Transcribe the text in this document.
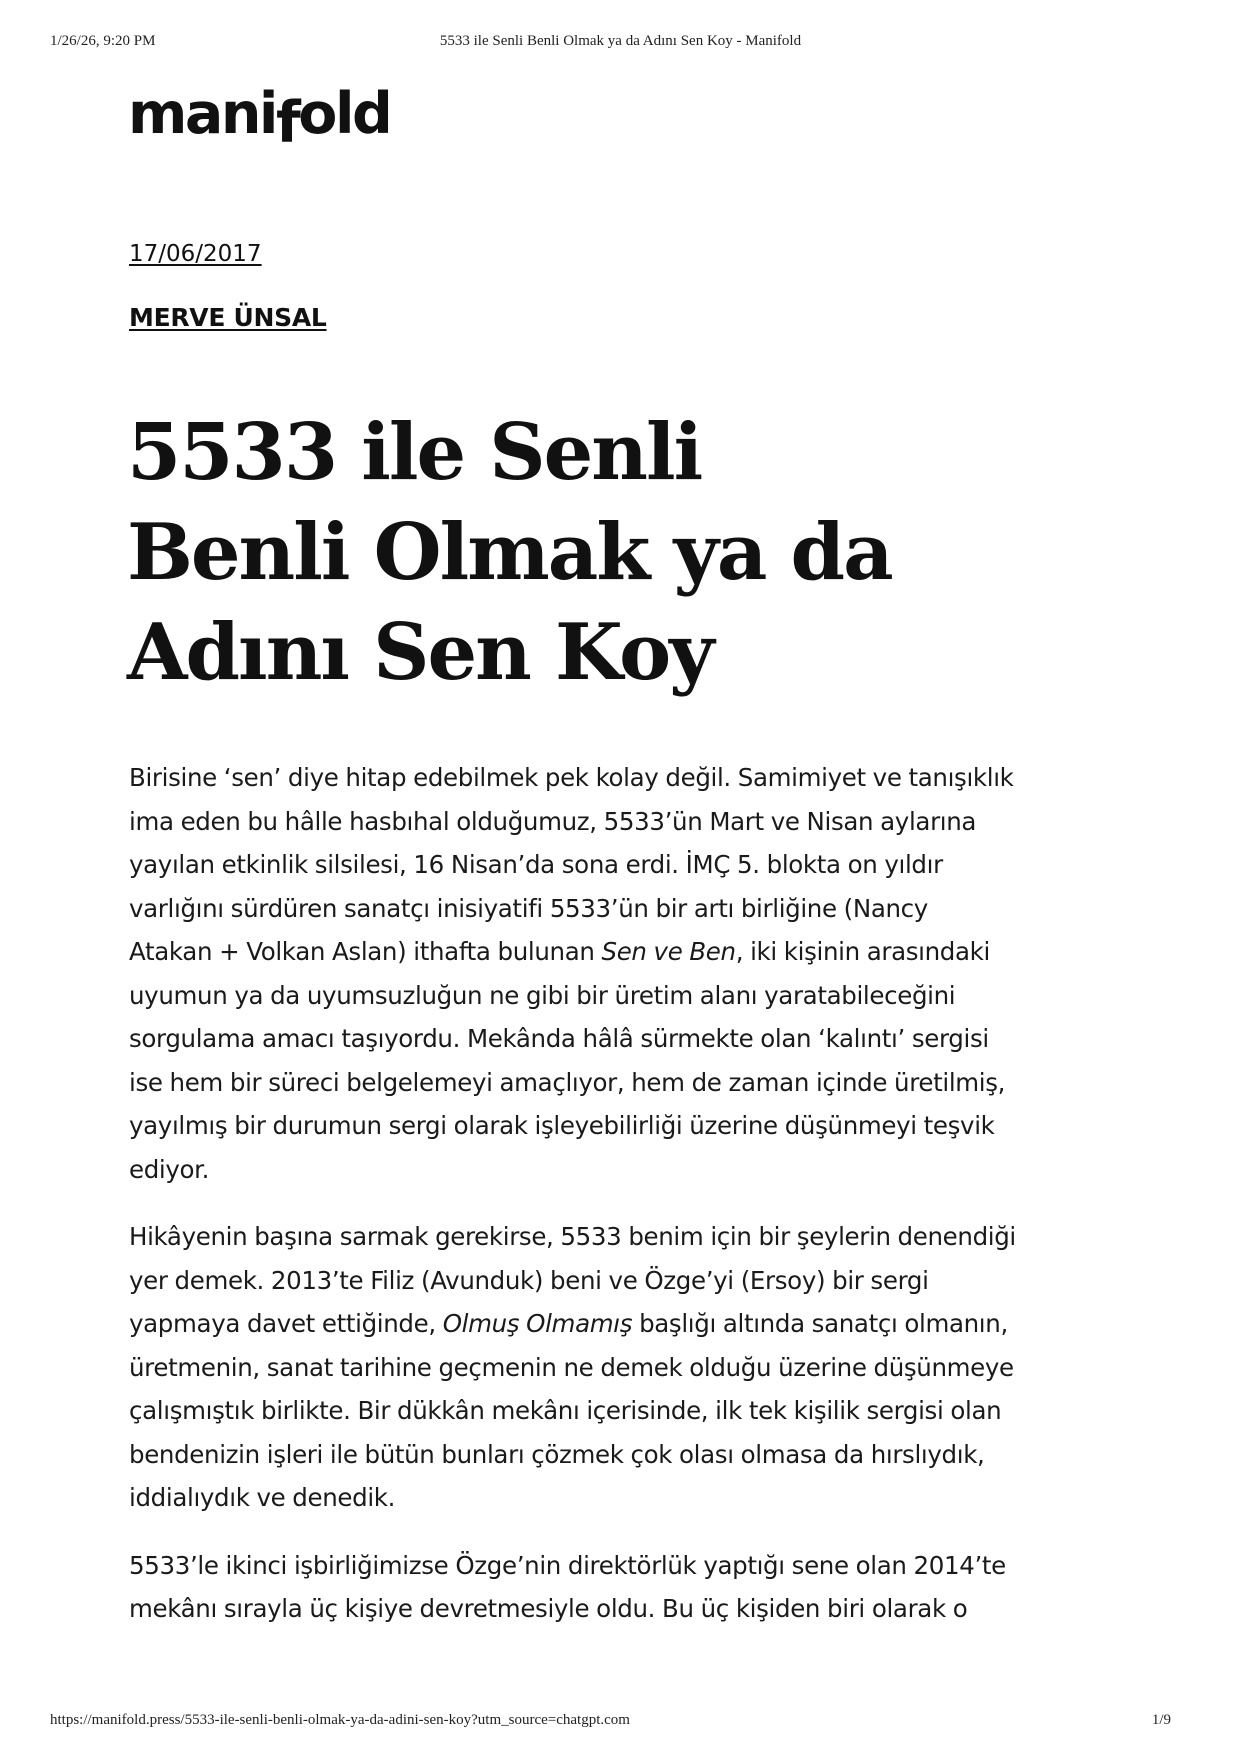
1/26/26, 9:20 PM	5533 ile Senli Benli Olmak ya da Adını Sen Koy - Manifold
manifold
17/06/2017
MERVE ÜNSAL
5533 ile Senli
Benli Olmak ya da
Adını Sen Koy

Birisine ‘sen’ diye hitap edebilmek pek kolay değil. Samimiyet ve tanışıklık
ima eden bu hâlle hasbıhal olduğumuz, 5533’ün Mart ve Nisan aylarına
yayılan etkinlik silsilesi, 16 Nisan’da sona erdi. İMÇ 5. blokta on yıldır
varlığını sürdüren sanatçı inisiyatifi 5533’ün bir artı birliğine (Nancy
Atakan + Volkan Aslan) ithafta bulunan Sen ve Ben, iki kişinin arasındaki
uyumun ya da uyumsuzluğun ne gibi bir üretim alanı yaratabileceğini
sorgulama amacı taşıyordu. Mekânda hâlâ sürmekte olan ‘kalıntı’ sergisi
ise hem bir süreci belgelemeyi amaçlıyor, hem de zaman içinde üretilmiş,
yayılmış bir durumun sergi olarak işleyebilirliği üzerine düşünmeyi teşvik
ediyor.

Hikâyenin başına sarmak gerekirse, 5533 benim için bir şeylerin denendiği
yer demek. 2013’te Filiz (Avunduk) beni ve Özge’yi (Ersoy) bir sergi
yapmaya davet ettiğinde, Olmuş Olmamış başlığı altında sanatçı olmanın,
üretmenin, sanat tarihine geçmenin ne demek olduğu üzerine düşünmeye
çalışmıştık birlikte. Bir dükkân mekânı içerisinde, ilk tek kişilik sergisi olan
bendenizin işleri ile bütün bunları çözmek çok olası olmasa da hırslıydık,
iddialıydık ve denedik.

5533’le ikinci işbirliğimizse Özge’nin direktörlük yaptığı sene olan 2014’te
mekânı sırayla üç kişiye devretmesiyle oldu. Bu üç kişiden biri olarak o

https://manifold.press/5533-ile-senli-benli-olmak-ya-da-adini-sen-koy?utm_source=chatgpt.com	1/9
